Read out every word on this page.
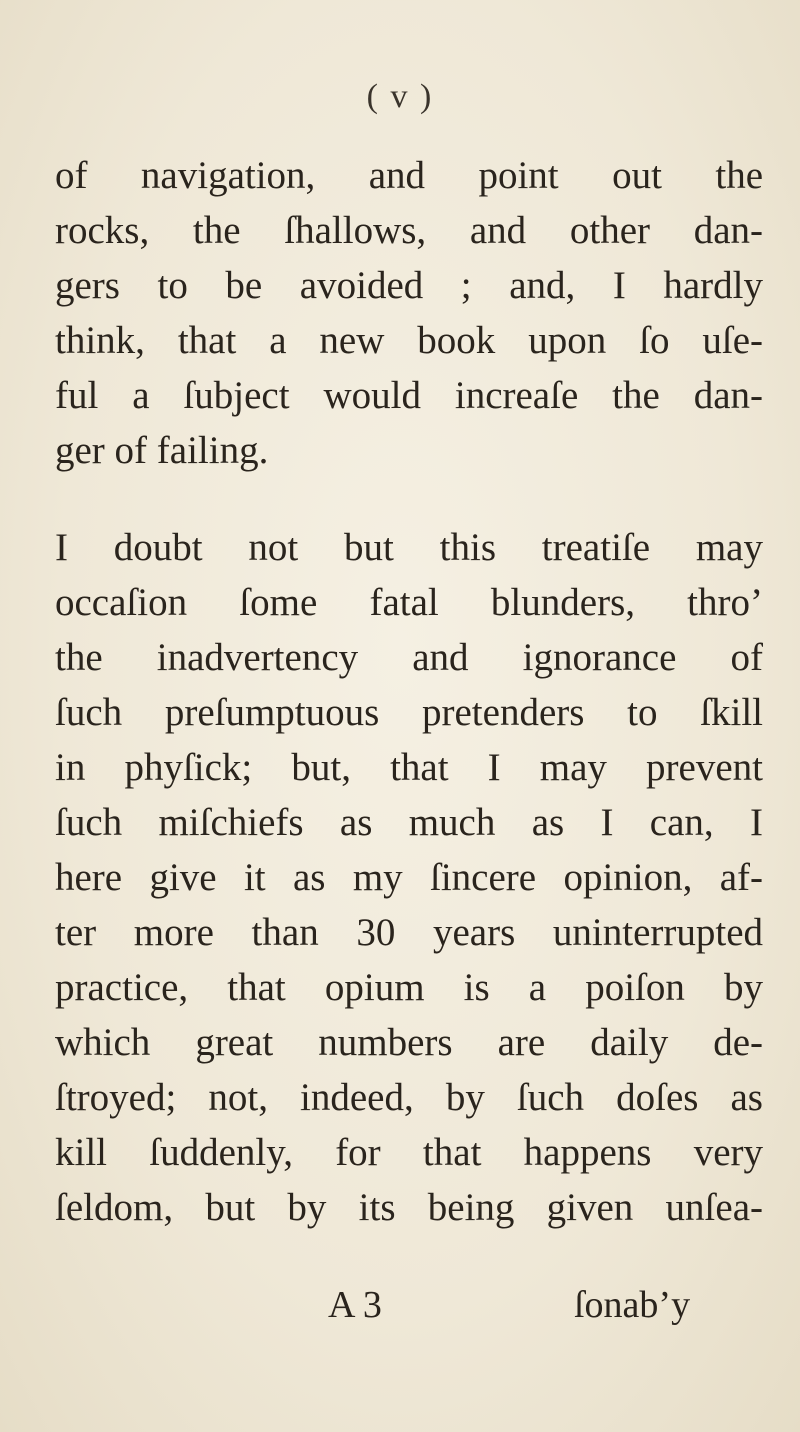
( v )
of navigation, and point out the
rocks, the ſhallows, and other dan-
gers to be avoided ; and, I hardly
think, that a new book upon ſo uſe-
ful a ſubject would increaſe the dan-
ger of failing.
I doubt not but this treatiſe may
occaſion ſome fatal blunders, thro’
the inadvertency and ignorance of
ſuch preſumptuous pretenders to ſkill
in phyſick; but, that I may prevent
ſuch miſchiefs as much as I can, I
here give it as my ſincere opinion, af-
ter more than 30 years uninterrupted
practice, that opium is a poiſon by
which great numbers are daily de-
ſtroyed; not, indeed, by ſuch doſes as
kill ſuddenly, for that happens very
ſeldom, but by its being given unſea-
A 3	ſonab’y
